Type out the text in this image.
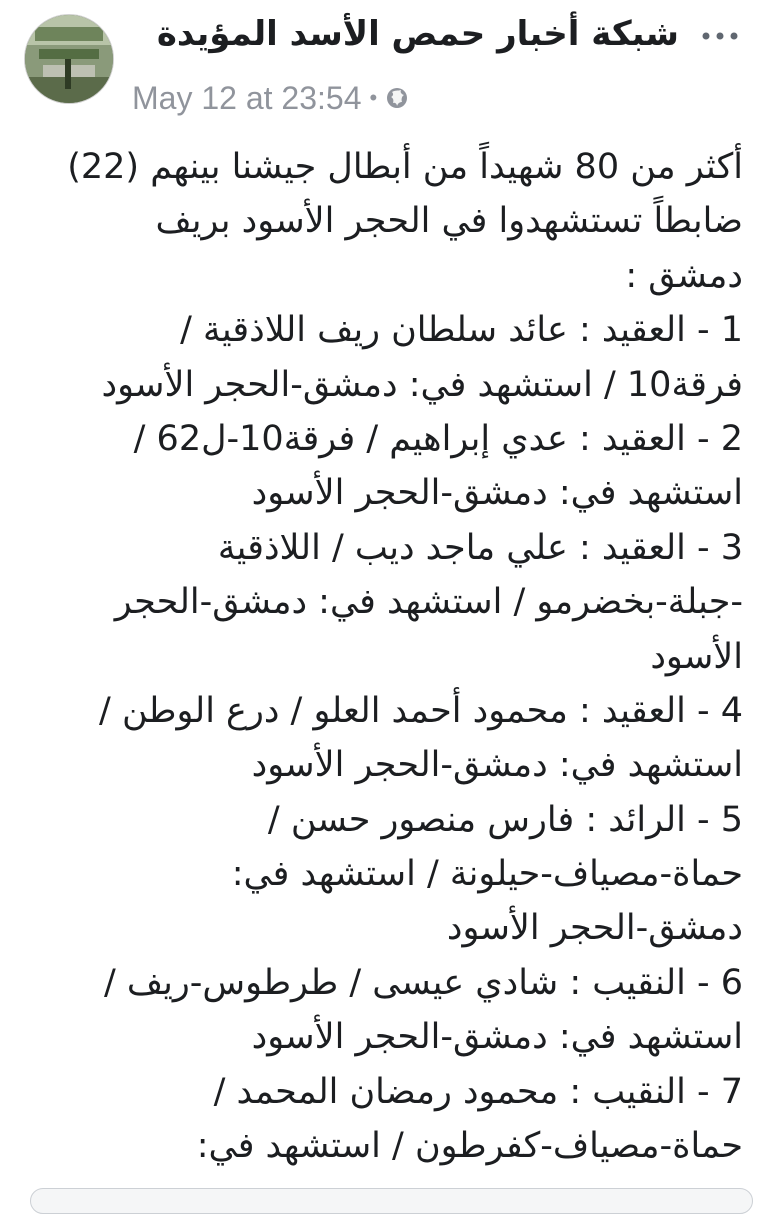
شبكة أخبار حمص الأسد المؤيدة
May 12 at 23:54 •
أكثر من 80 شهيداً من أبطال جيشنا بينهم (22)
ضابطاً تستشهدوا في الحجر الأسود بريف
دمشق :
1 - العقيد : عائد سلطان ريف اللاذقية /
فرقة10 / استشهد في: دمشق-الحجر الأسود
2 - العقيد : عدي إبراهيم / فرقة10-ل62 /
استشهد في: دمشق-الحجر الأسود
3 - العقيد : علي ماجد ديب / اللاذقية
-جبلة-بخضرمو / استشهد في: دمشق-الحجر
الأسود
4 - العقيد : محمود أحمد العلو / درع الوطن /
استشهد في: دمشق-الحجر الأسود
5 - الرائد : فارس منصور حسن /
حماة-مصياف-حيلونة / استشهد في:
دمشق-الحجر الأسود
6 - النقيب : شادي عيسى / طرطوس-ريف /
استشهد في: دمشق-الحجر الأسود
7 - النقيب : محمود رمضان المحمد /
حماة-مصياف-كفرطون / استشهد في:
